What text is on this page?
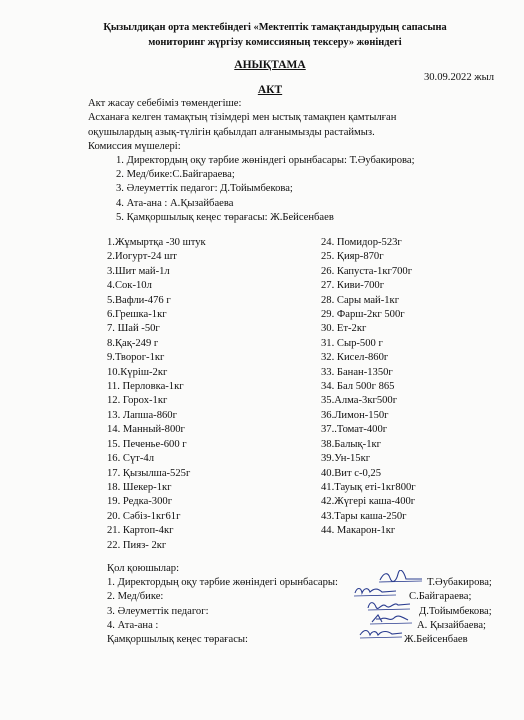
Қызылдиқан орта мектебіндегі «Мектептік тамақтандырудың сапасына
мониторинг жүргізу комиссияның тексеру» жөніндегі
АНЫҚТАМА
30.09.2022 жыл
АКТ
Акт жасау себебіміз төмендегіше:
Асханаға келген тамақтың тізімдері мен ыстық тамақпен қамтылған
оқушылардың азық-түлігін қабылдап алғанымызды растаймыз.
Комиссия мүшелері:
1. Директордың оқу тәрбие жөніндегі орынбасары: Т.Әубакирова;
2. Мед/бике:С.Байгараева;
3. Әлеуметтік педагог: Д.Тойымбекова;
4. Ата-ана : А.Қызайбаева
5. Қамқоршылық кеңес төрағасы: Ж.Бейсенбаев
1.Жұмыртқа -30 штук
2.Иогурт-24 шт
3.Шит май-1л
4.Сок-10л
5.Вафли-476 г
6.Грешка-1кг
7. Шай -50г
8.Қақ-249 г
9.Творог-1кг
10.Күріш-2кг
11. Перловка-1кг
12. Горох-1кг
13. Лапша-860г
14. Манный-800г
15. Печенье-600 г
16. Сүт-4л
17. Қызылша-525г
18. Шекер-1кг
19. Редка-300г
20. Сәбіз-1кг61г
21. Картоп-4кг
22. Пияз- 2кг
24. Помидор-523г
25. Қияр-870г
26. Капуста-1кг700г
27. Киви-700г
28. Сары май-1кг
29. Фарш-2кг 500г
30. Ет-2кг
31. Сыр-500 г
32. Кисел-860г
33. Банан-1350г
34. Бал 500г 865
35.Алма-3кг500г
36.Лимон-150г
37..Томат-400г
38.Балық-1кг
39.Ун-15кг
40.Вит с-0,25
41.Тауық еті-1кг800г
42.Жүгері каша-400г
43.Тары каша-250г
44. Макарон-1кг
Қол қоюшылар:
1. Директордың оқу тәрбие жөніндегі орынбасары:	Т.Әубакирова;
2. Мед/бике:	С.Байгараева;
3. Әлеуметтік педагог:	Д.Тойымбекова;
4. Ата-ана :	А. Қызайбаева;
Қамқоршылық кеңес төрағасы:	Ж.Бейсенбаев
